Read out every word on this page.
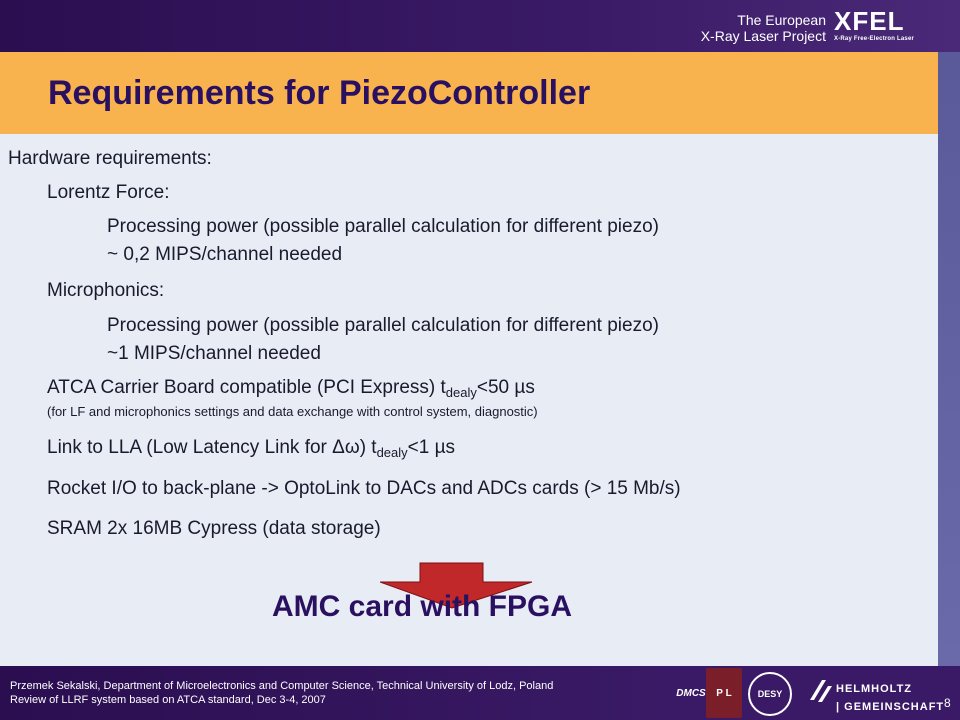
The European
X-Ray Laser Project XFEL
X-Ray Free-Electron Laser
Requirements for PiezoController
Hardware requirements:
Lorentz Force:
Processing power (possible parallel calculation for different piezo)
~ 0,2 MIPS/channel needed
Microphonics:
Processing power (possible parallel calculation for different piezo)
~1 MIPS/channel needed
ATCA Carrier Board compatible (PCI Express) $t_{dealy}<50$ µs
(for LF and microphonics settings and data exchange with control system, diagnostic)
Link to LLA (Low Latency Link for Δω) $t_{dealy}<1$ µs
Rocket I/O to back-plane -> OptoLink to DACs and ADCs cards (> 15 Mb/s)
SRAM 2x 16MB Cypress (data storage)
AMC card with FPGA
Przemek Sekalski, Department of Microelectronics and Computer Science, Technical University of Lodz, Poland
Review of LLRF system based on ATCA standard, Dec 3-4, 2007
DMCS	P L	DESY	HELMHOLTZ
| GEMEINSCHAFT 8
